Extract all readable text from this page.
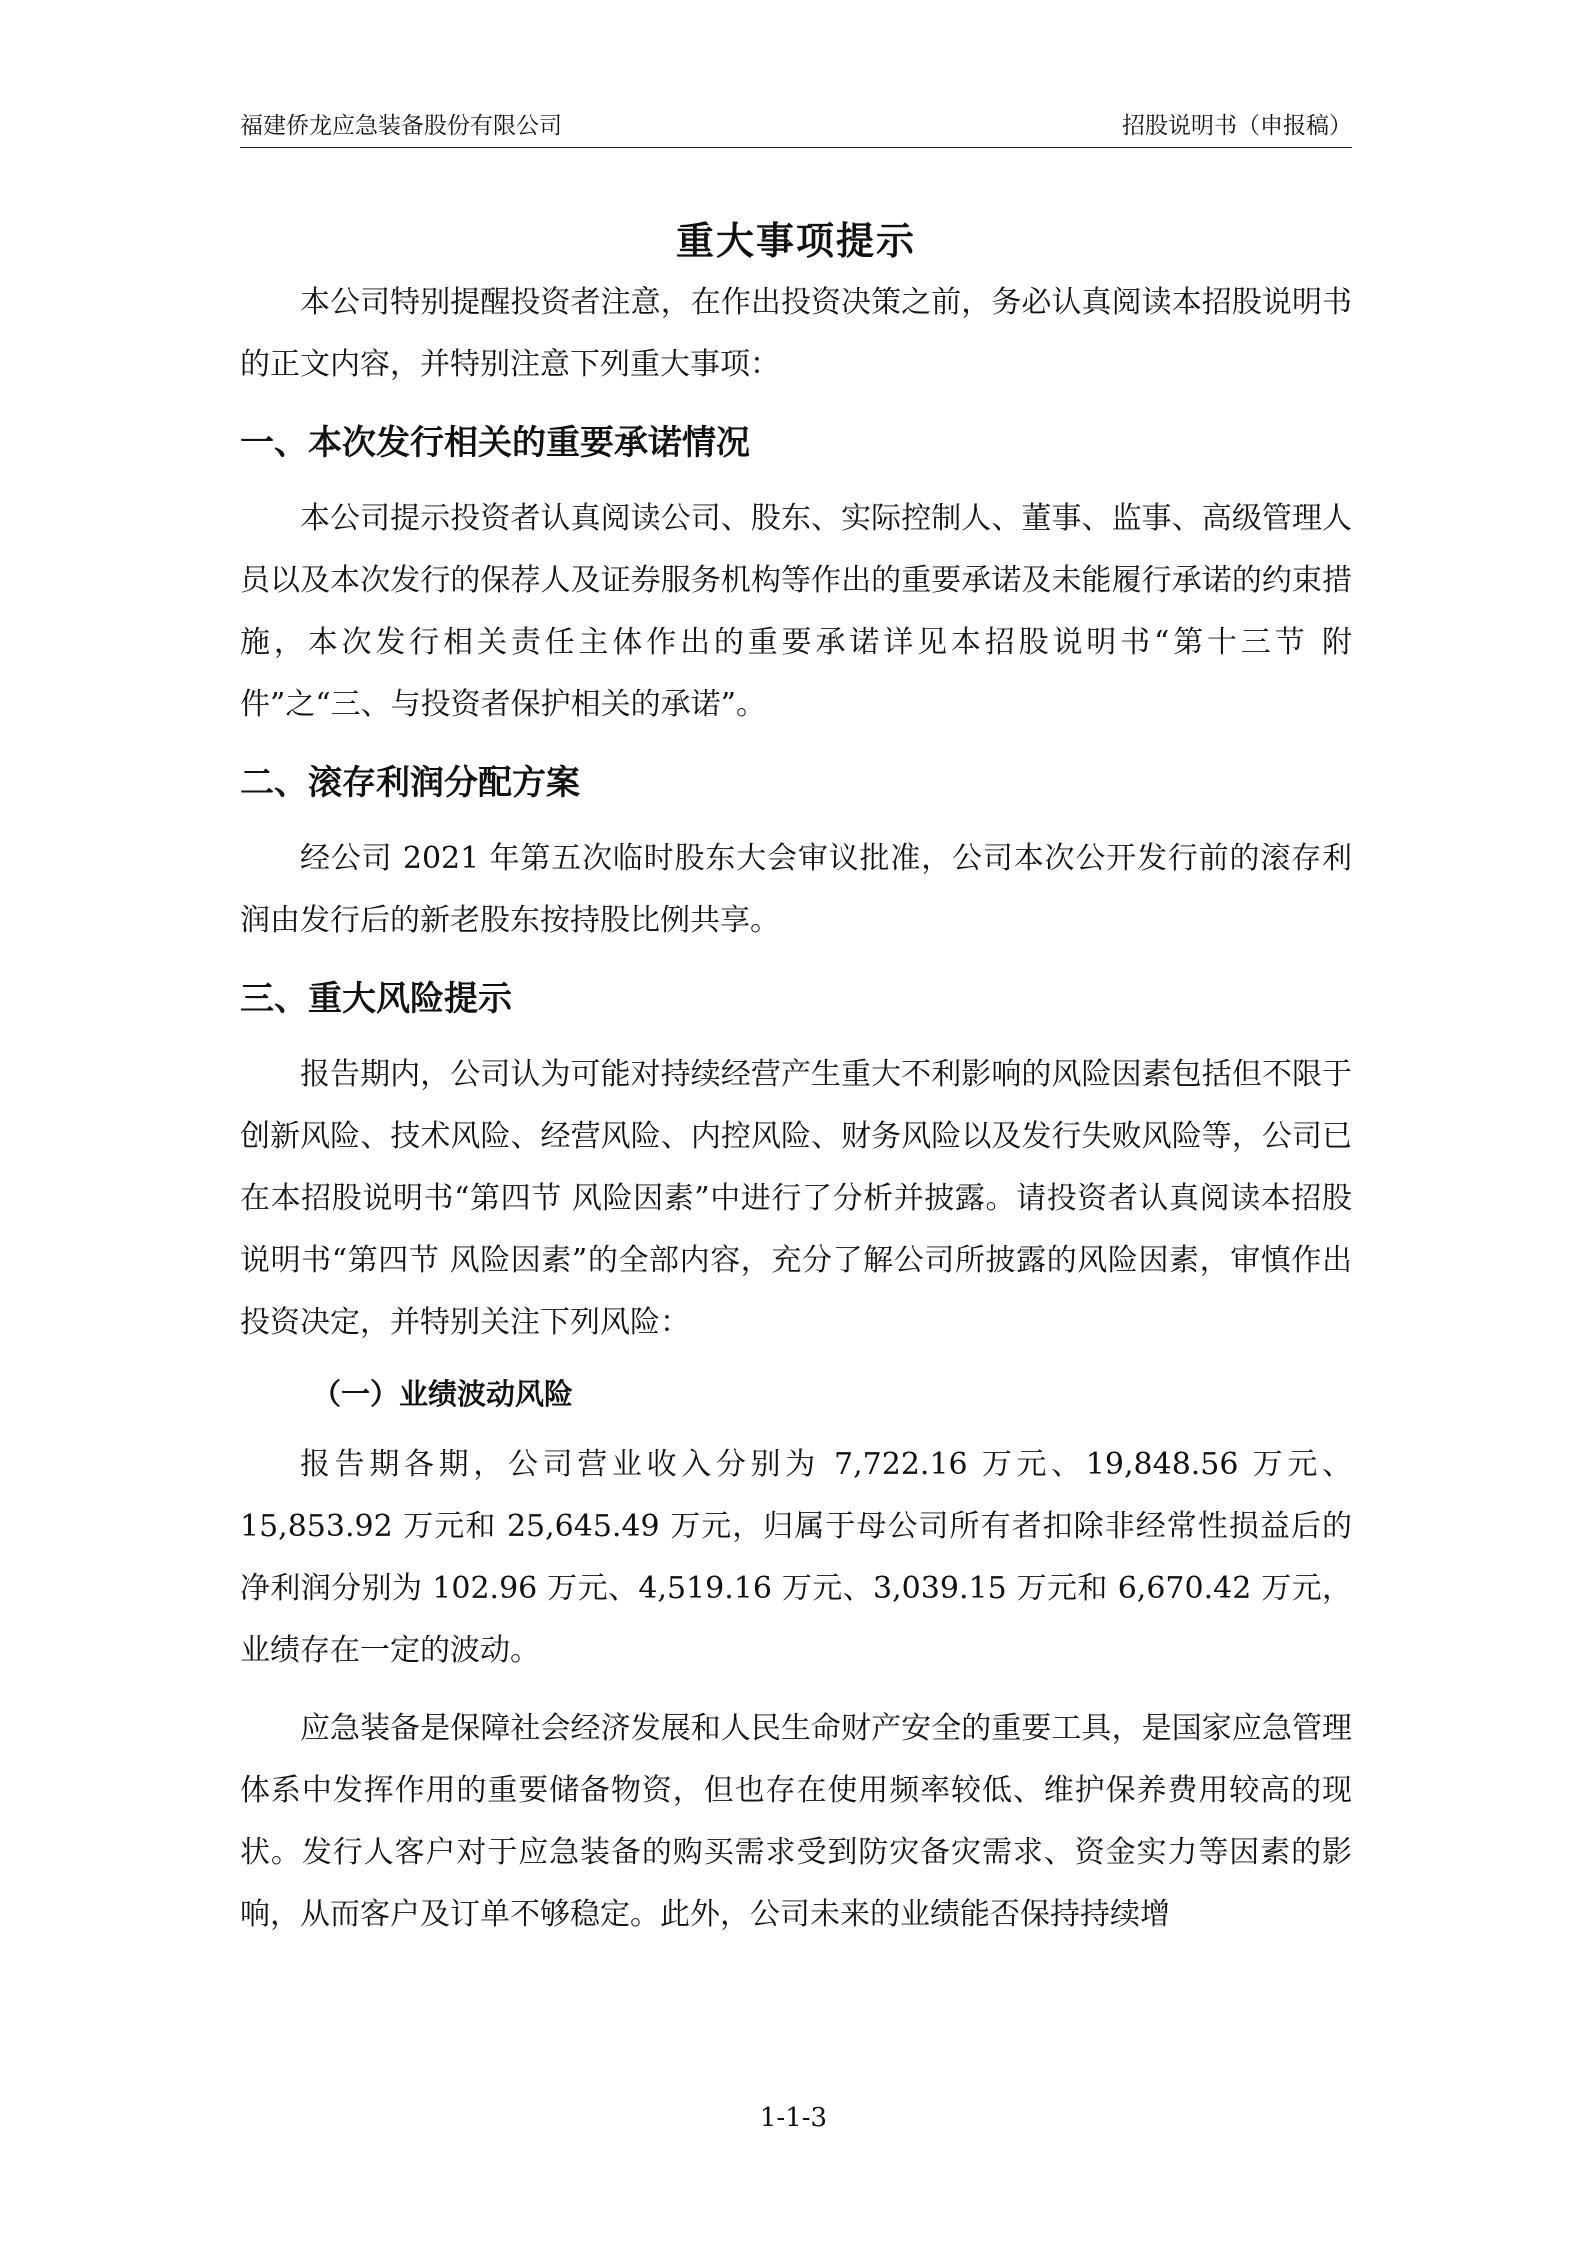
福建侨龙应急装备股份有限公司	招股说明书（申报稿）
重大事项提示

本公司特别提醒投资者注意，在作出投资决策之前，务必认真阅读本招股说明书的正文内容，并特别注意下列重大事项：

一、本次发行相关的重要承诺情况

本公司提示投资者认真阅读公司、股东、实际控制人、董事、监事、高级管理人员以及本次发行的保荐人及证券服务机构等作出的重要承诺及未能履行承诺的约束措施，本次发行相关责任主体作出的重要承诺详见本招股说明书“第十三节 附件”之“三、与投资者保护相关的承诺”。

二、滚存利润分配方案

经公司 2021 年第五次临时股东大会审议批准，公司本次公开发行前的滚存利润由发行后的新老股东按持股比例共享。

三、重大风险提示

报告期内，公司认为可能对持续经营产生重大不利影响的风险因素包括但不限于创新风险、技术风险、经营风险、内控风险、财务风险以及发行失败风险等，公司已在本招股说明书“第四节 风险因素”中进行了分析并披露。请投资者认真阅读本招股说明书“第四节 风险因素”的全部内容，充分了解公司所披露的风险因素，审慎作出投资决定，并特别关注下列风险：

（一）业绩波动风险

报告期各期，公司营业收入分别为 7,722.16 万元、19,848.56 万元、15,853.92 万元和 25,645.49 万元，归属于母公司所有者扣除非经常性损益后的净利润分别为 102.96 万元、4,519.16 万元、3,039.15 万元和 6,670.42 万元，业绩存在一定的波动。

应急装备是保障社会经济发展和人民生命财产安全的重要工具，是国家应急管理体系中发挥作用的重要储备物资，但也存在使用频率较低、维护保养费用较高的现状。发行人客户对于应急装备的购买需求受到防灾备灾需求、资金实力等因素的影响，从而客户及订单不够稳定。此外，公司未来的业绩能否保持持续增

1-1-3
